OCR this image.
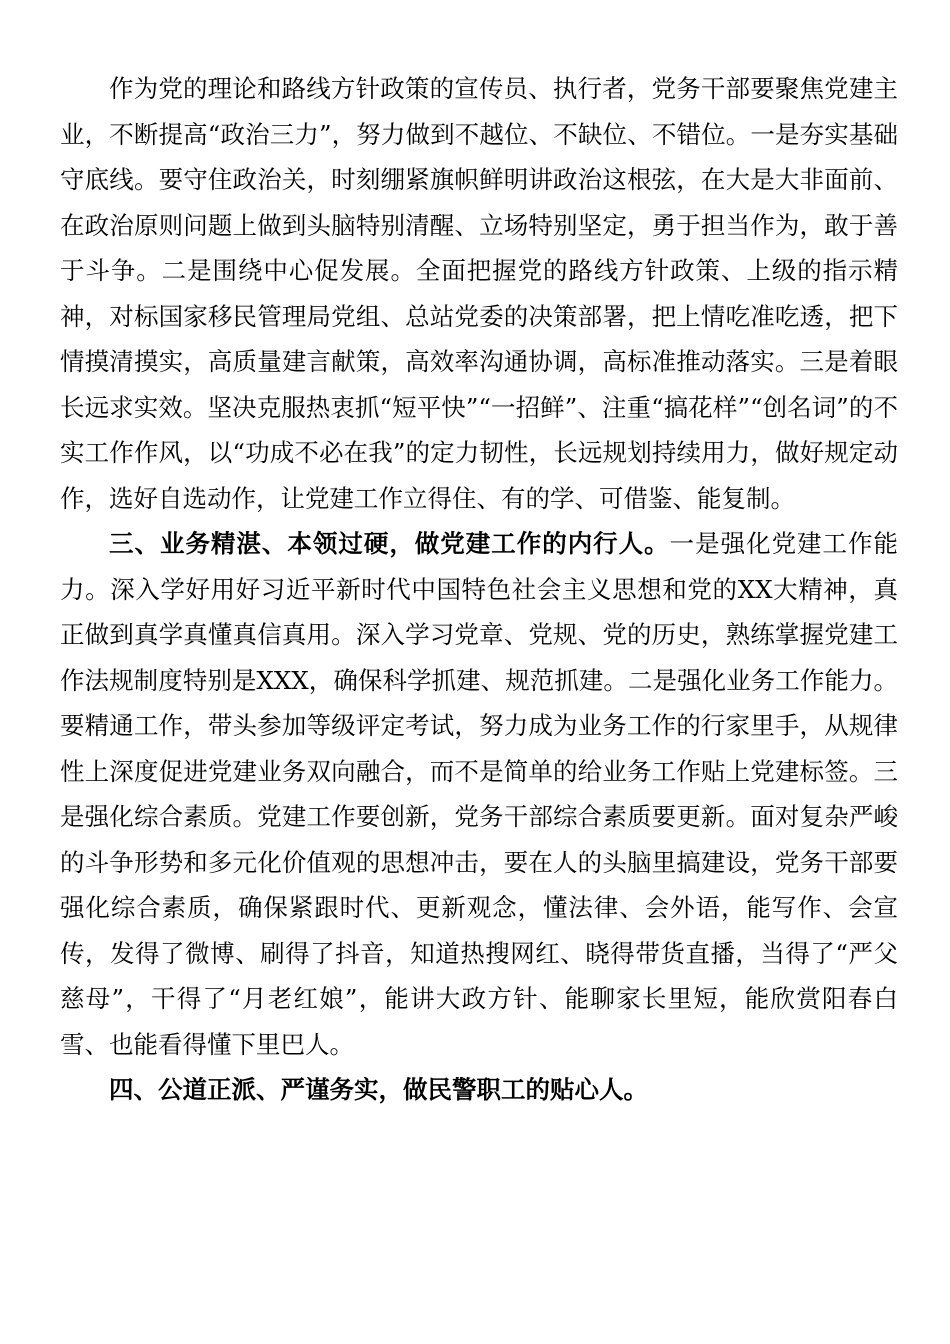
作为党的理论和路线方针政策的宣传员、执行者，党务干部要聚焦党建主业，不断提高“政治三力”，努力做到不越位、不缺位、不错位。一是夯实基础守底线。要守住政治关，时刻绷紧旗帜鲜明讲政治这根弦，在大是大非面前、在政治原则问题上做到头脑特别清醒、立场特别坚定，勇于担当作为，敢于善于斗争。二是围绕中心促发展。全面把握党的路线方针政策、上级的指示精神，对标国家移民管理局党组、总站党委的决策部署，把上情吃准吃透，把下情摸清摸实，高质量建言献策，高效率沟通协调，高标准推动落实。三是着眼长远求实效。坚决克服热衷抓“短平快”“一招鲜”、注重“搞花样”“创名词”的不实工作作风，以“功成不必在我”的定力韧性，长远规划持续用力，做好规定动作，选好自选动作，让党建工作立得住、有的学、可借鉴、能复制。

三、业务精湛、本领过硬，做党建工作的内行人。一是强化党建工作能力。深入学好用好习近平新时代中国特色社会主义思想和党的XX大精神，真正做到真学真懂真信真用。深入学习党章、党规、党的历史，熟练掌握党建工作法规制度特别是XXX，确保科学抓建、规范抓建。二是强化业务工作能力。要精通工作，带头参加等级评定考试，努力成为业务工作的行家里手，从规律性上深度促进党建业务双向融合，而不是简单的给业务工作贴上党建标签。三是强化综合素质。党建工作要创新，党务干部综合素质要更新。面对复杂严峻的斗争形势和多元化价值观的思想冲击，要在人的头脑里搞建设，党务干部要强化综合素质，确保紧跟时代、更新观念，懂法律、会外语，能写作、会宣传，发得了微博、刷得了抖音，知道热搜网红、晓得带货直播，当得了“严父慈母”，干得了“月老红娘”，能讲大政方针、能聊家长里短，能欣赏阳春白雪、也能看得懂下里巴人。

四、公道正派、严谨务实，做民警职工的贴心人。
